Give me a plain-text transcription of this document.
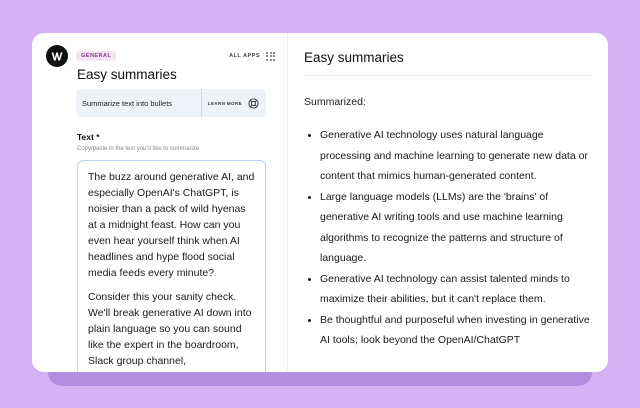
GENERAL	ALL APPS
Easy summaries
Summarize text into bullets	LEARN MORE
Text *
Copy/paste in the text you'd like to summarize

The buzz around generative AI, and especially OpenAI's ChatGPT, is noisier than a pack of wild hyenas at a midnight feast. How can you even hear yourself think when AI headlines and hype flood social media feeds every minute?

Consider this your sanity check. We'll break generative AI down into plain language so you can sound like the expert in the boardroom, Slack group channel,

Easy summaries
Summarized:
Generative AI technology uses natural language processing and machine learning to generate new data or content that mimics human-generated content.
Large language models (LLMs) are the 'brains' of generative AI writing tools and use machine learning algorithms to recognize the patterns and structure of language.
Generative AI technology can assist talented minds to maximize their abilities, but it can't replace them.
Be thoughtful and purposeful when investing in generative AI tools; look beyond the OpenAI/ChatGPT
